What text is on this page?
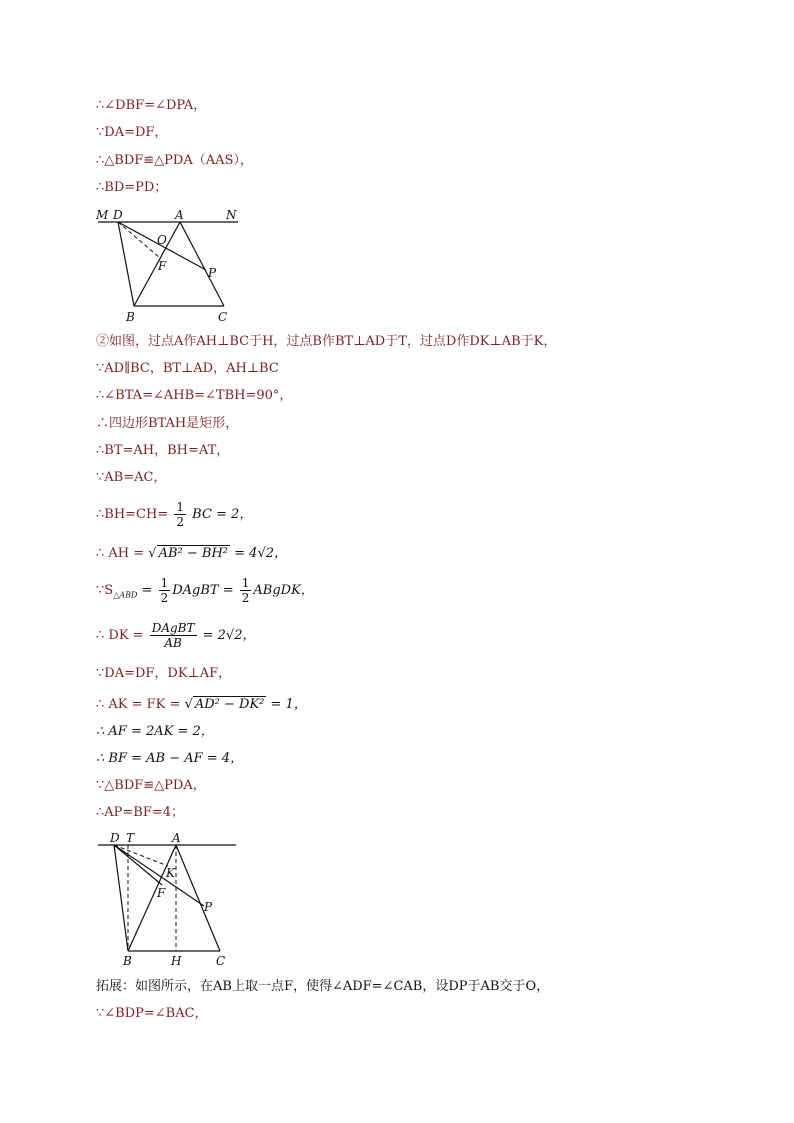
∴∠DBF=∠DPA，
∵DA=DF，
∴△BDF≌△PDA（AAS），
∴BD=PD；
M D	A	N
O
F	P
B	C
②如图，过点A作AH⊥BC于H，过点B作BT⊥AD于T，过点D作DK⊥AB于K，
∵AD∥BC，BT⊥AD，AH⊥BC
∴∠BTA=∠AHB=∠TBH=90°，
∴四边形BTAH是矩形，
∴BT=AH，BH=AT，
∵AB=AC，
∴BH=CH= $\frac{1}{2}$ BC = 2，
∴ AH = √ AB² − BH² = 4√2，
$\because S_{\triangle ABD} = \frac{1}{2}$ DAgBT = $\frac{1}{2}$ ABgDK，
∴ DK = $\frac{\text{DAgBT}}{AB} = 2√2$，
∵DA=DF，DK⊥AF，
∴ AK = FK = √ AD² − DK² = 1，
∴ AF = 2AK = 2，
∴ BF = AB − AF = 4，
∵△BDF≌△PDA，
∴AP=BF=4；
D T	A
K
F
P
B	H	C
拓展：如图所示，在AB上取一点F，使得∠ADF=∠CAB，设DP于AB交于O，
∵∠BDP=∠BAC，
